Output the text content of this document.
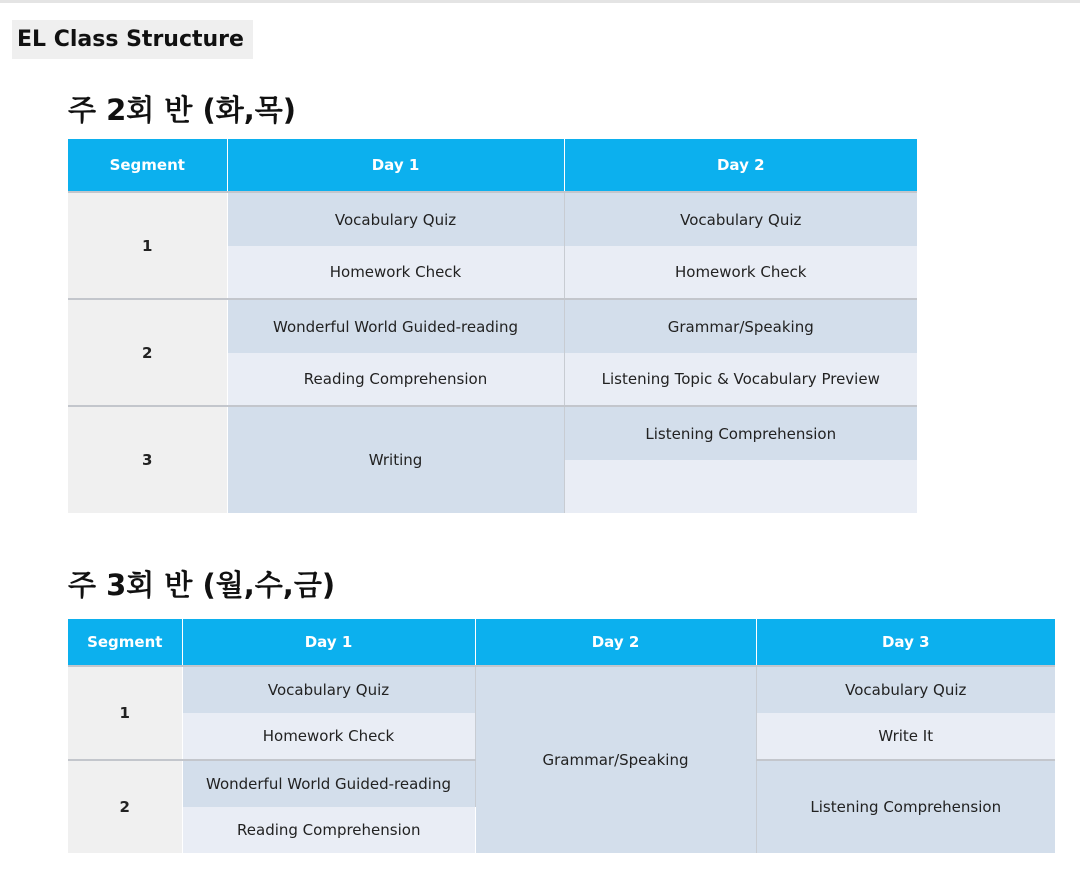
EL Class Structure
주 2회 반 (화,목)
Segment	Day 1	Day 2
1	Vocabulary Quiz	Vocabulary Quiz
	Homework Check	Homework Check
2	Wonderful World Guided-reading	Grammar/Speaking
	Reading Comprehension	Listening Topic & Vocabulary Preview
3	Writing	Listening Comprehension

주 3회 반 (월,수,금)
Segment	Day 1	Day 2	Day 3
1	Vocabulary Quiz	Grammar/Speaking	Vocabulary Quiz
	Homework Check		Write It
2	Wonderful World Guided-reading		Listening Comprehension
	Reading Comprehension		
